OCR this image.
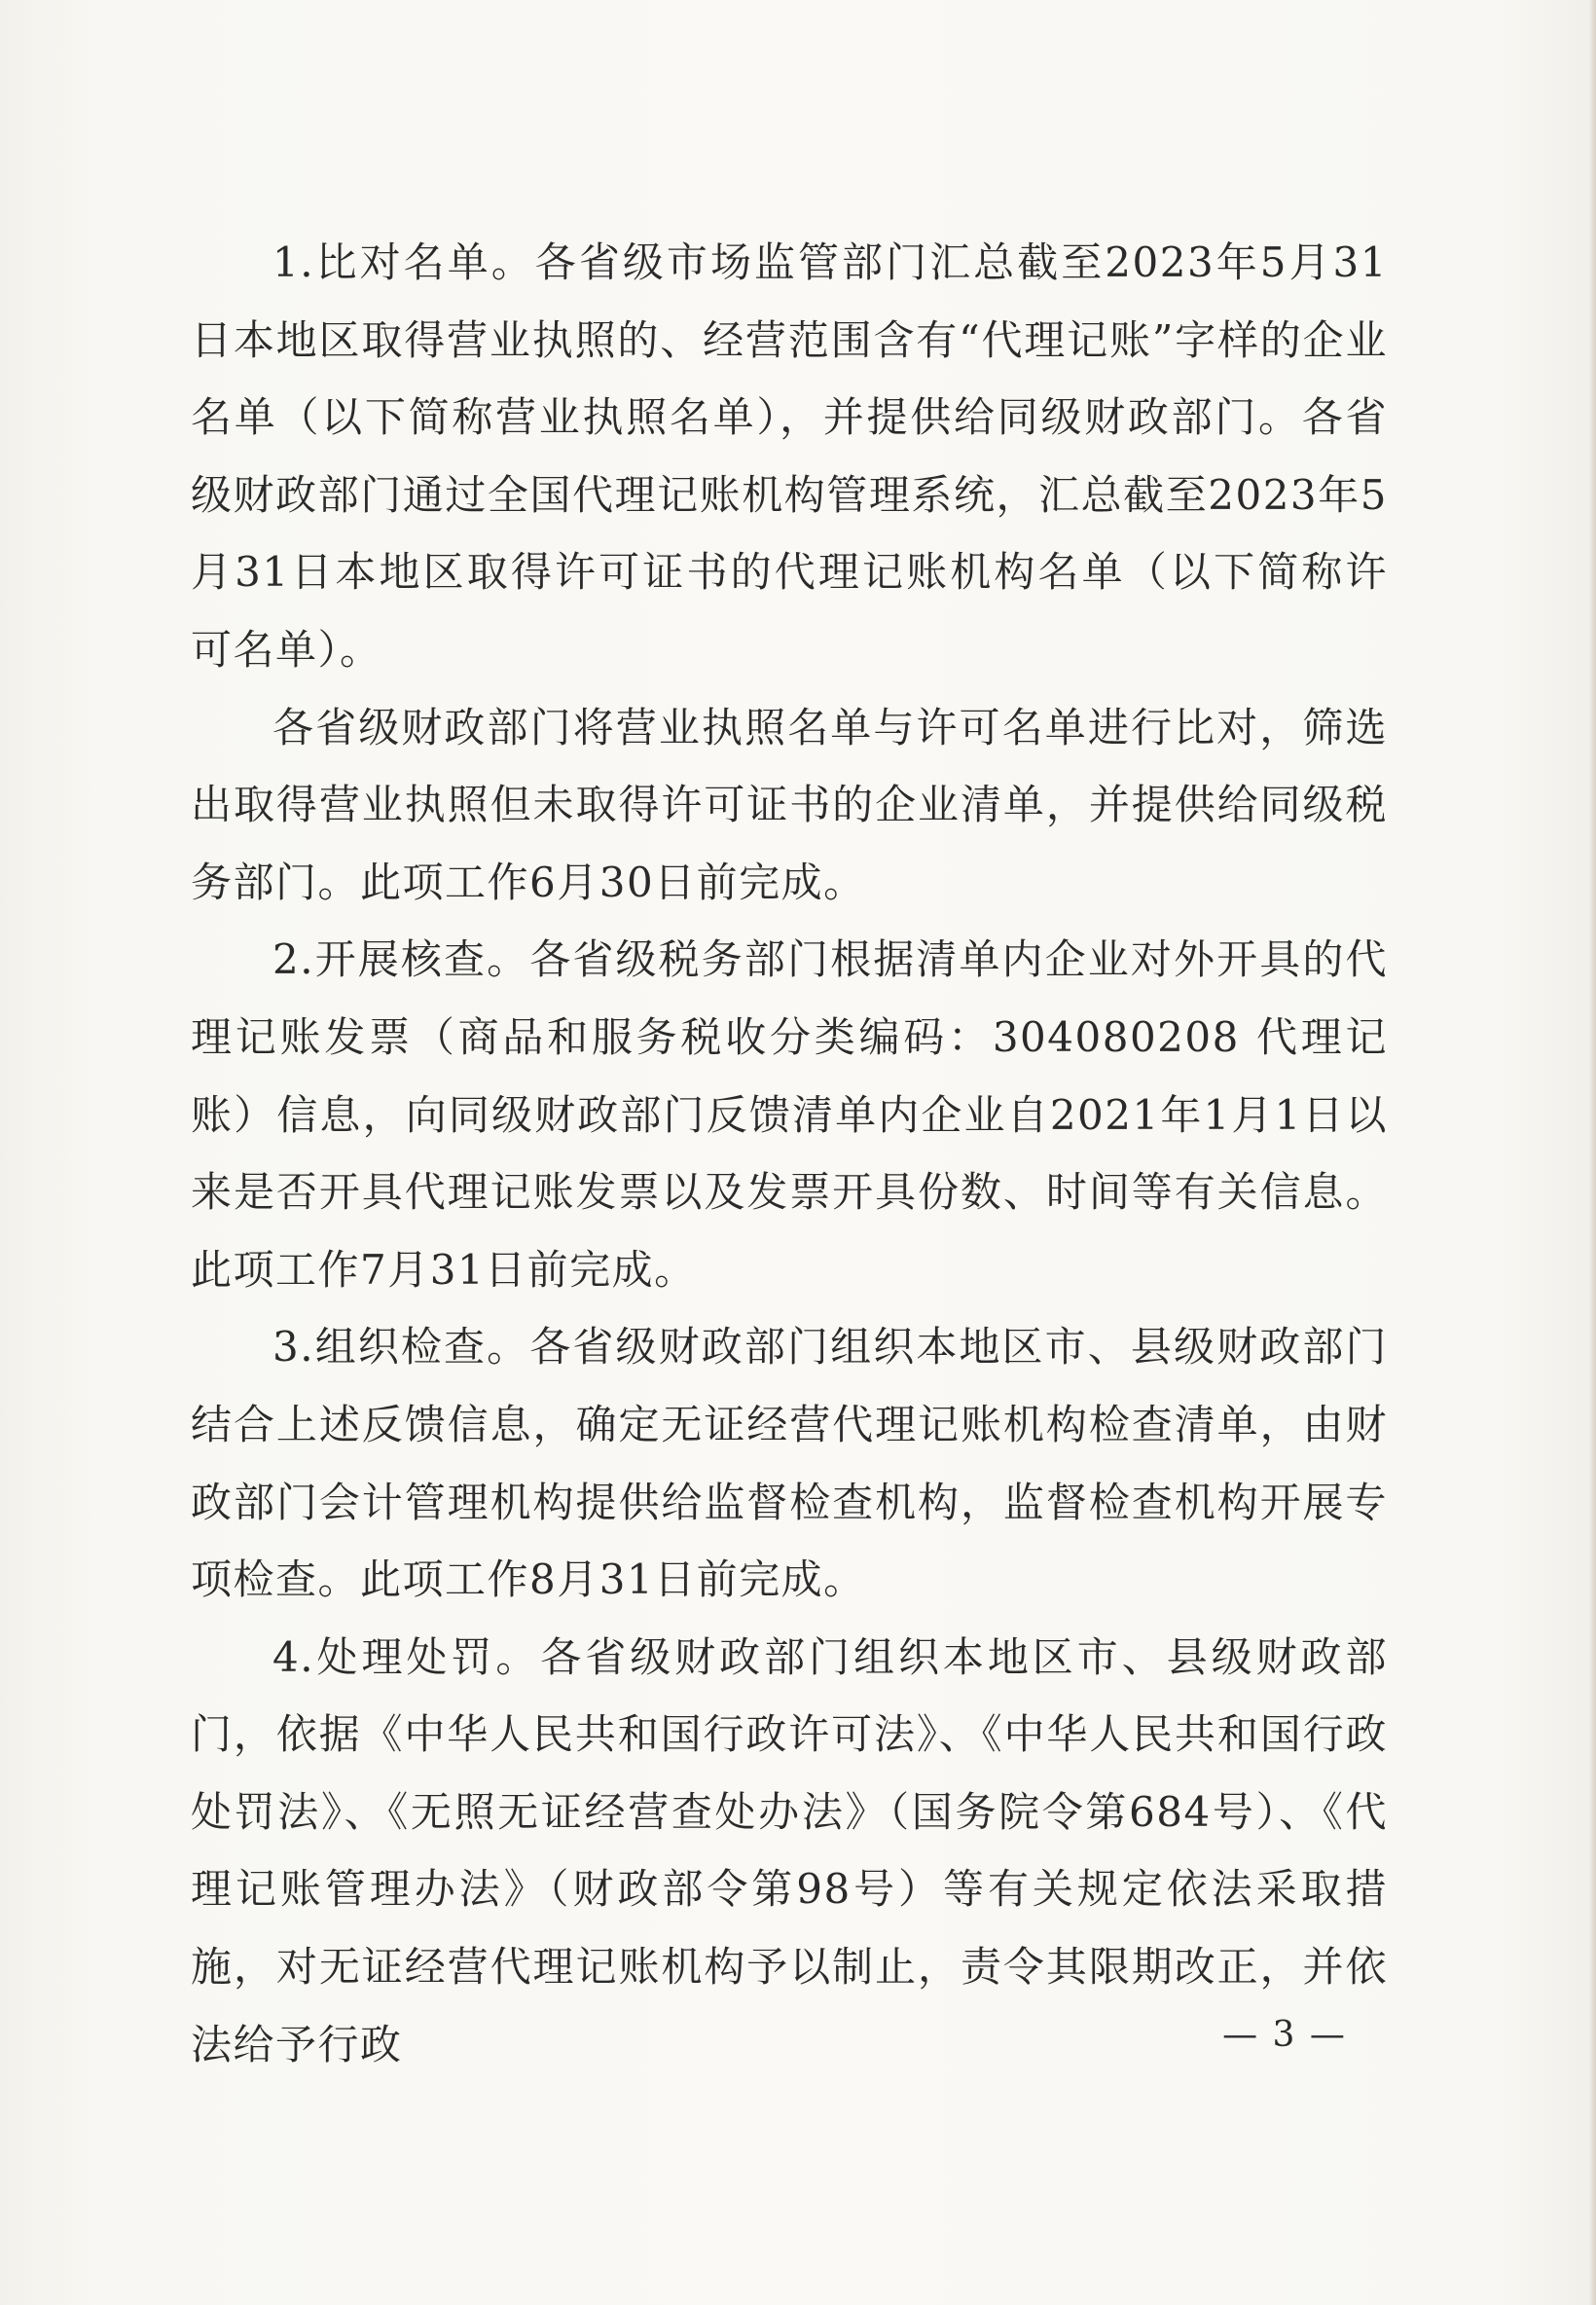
1.比对名单。各省级市场监管部门汇总截至2023年5月31日本地区取得营业执照的、经营范围含有“代理记账”字样的企业名单（以下简称营业执照名单），并提供给同级财政部门。各省级财政部门通过全国代理记账机构管理系统，汇总截至2023年5月31日本地区取得许可证书的代理记账机构名单（以下简称许可名单）。

各省级财政部门将营业执照名单与许可名单进行比对，筛选出取得营业执照但未取得许可证书的企业清单，并提供给同级税务部门。此项工作6月30日前完成。

2.开展核查。各省级税务部门根据清单内企业对外开具的代理记账发票（商品和服务税收分类编码：304080208 代理记账）信息，向同级财政部门反馈清单内企业自2021年1月1日以来是否开具代理记账发票以及发票开具份数、时间等有关信息。此项工作7月31日前完成。

3.组织检查。各省级财政部门组织本地区市、县级财政部门结合上述反馈信息，确定无证经营代理记账机构检查清单，由财政部门会计管理机构提供给监督检查机构，监督检查机构开展专项检查。此项工作8月31日前完成。

4.处理处罚。各省级财政部门组织本地区市、县级财政部门，依据《中华人民共和国行政许可法》、《中华人民共和国行政处罚法》、《无照无证经营查处办法》（国务院令第684号）、《代理记账管理办法》（财政部令第98号）等有关规定依法采取措施，对无证经营代理记账机构予以制止，责令其限期改正，并依法给予行政	— 3 —
